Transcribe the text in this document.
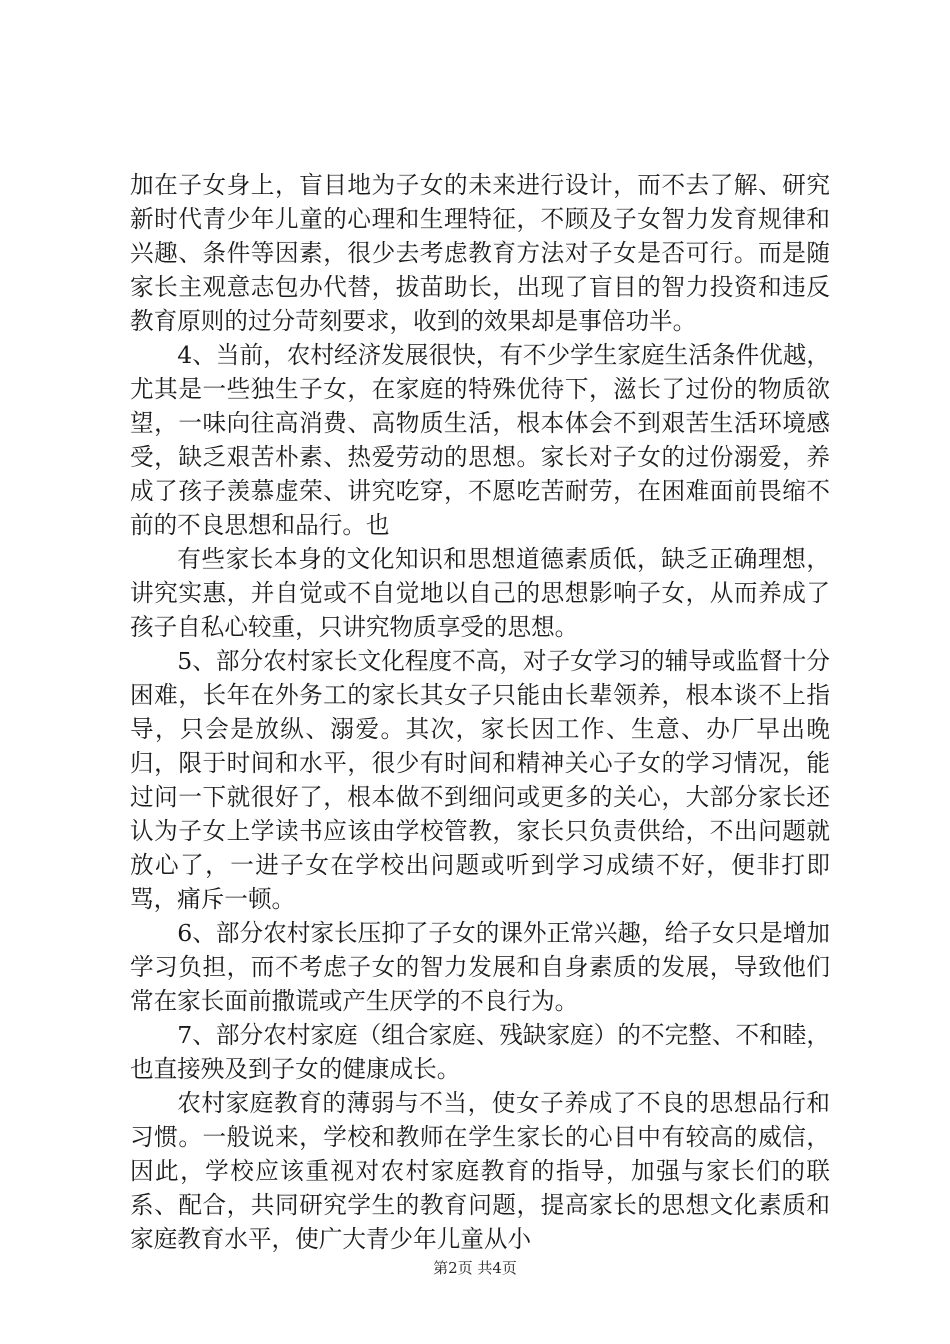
加在子女身上，盲目地为子女的未来进行设计，而不去了解、研究新时代青少年儿童的心理和生理特征，不顾及子女智力发育规律和兴趣、条件等因素，很少去考虑教育方法对子女是否可行。而是随家长主观意志包办代替，拔苗助长，出现了盲目的智力投资和违反教育原则的过分苛刻要求，收到的效果却是事倍功半。

4、当前，农村经济发展很快，有不少学生家庭生活条件优越，尤其是一些独生子女，在家庭的特殊优待下，滋长了过份的物质欲望，一味向往高消费、高物质生活，根本体会不到艰苦生活环境感受，缺乏艰苦朴素、热爱劳动的思想。家长对子女的过份溺爱，养成了孩子羡慕虚荣、讲究吃穿，不愿吃苦耐劳，在困难面前畏缩不前的不良思想和品行。也

有些家长本身的文化知识和思想道德素质低，缺乏正确理想，讲究实惠，并自觉或不自觉地以自己的思想影响子女，从而养成了孩子自私心较重，只讲究物质享受的思想。

5、部分农村家长文化程度不高，对子女学习的辅导或监督十分困难，长年在外务工的家长其女子只能由长辈领养，根本谈不上指导，只会是放纵、溺爱。其次，家长因工作、生意、办厂早出晚归，限于时间和水平，很少有时间和精神关心子女的学习情况，能过问一下就很好了，根本做不到细问或更多的关心，大部分家长还认为子女上学读书应该由学校管教，家长只负责供给，不出问题就放心了，一进子女在学校出问题或听到学习成绩不好，便非打即骂，痛斥一顿。

6、部分农村家长压抑了子女的课外正常兴趣，给子女只是增加学习负担，而不考虑子女的智力发展和自身素质的发展，导致他们常在家长面前撒谎或产生厌学的不良行为。

7、部分农村家庭（组合家庭、残缺家庭）的不完整、不和睦，也直接殃及到子女的健康成长。

农村家庭教育的薄弱与不当，使女子养成了不良的思想品行和习惯。一般说来，学校和教师在学生家长的心目中有较高的威信，因此，学校应该重视对农村家庭教育的指导，加强与家长们的联系、配合，共同研究学生的教育问题，提高家长的思想文化素质和家庭教育水平，使广大青少年儿童从小

第2页 共4页
